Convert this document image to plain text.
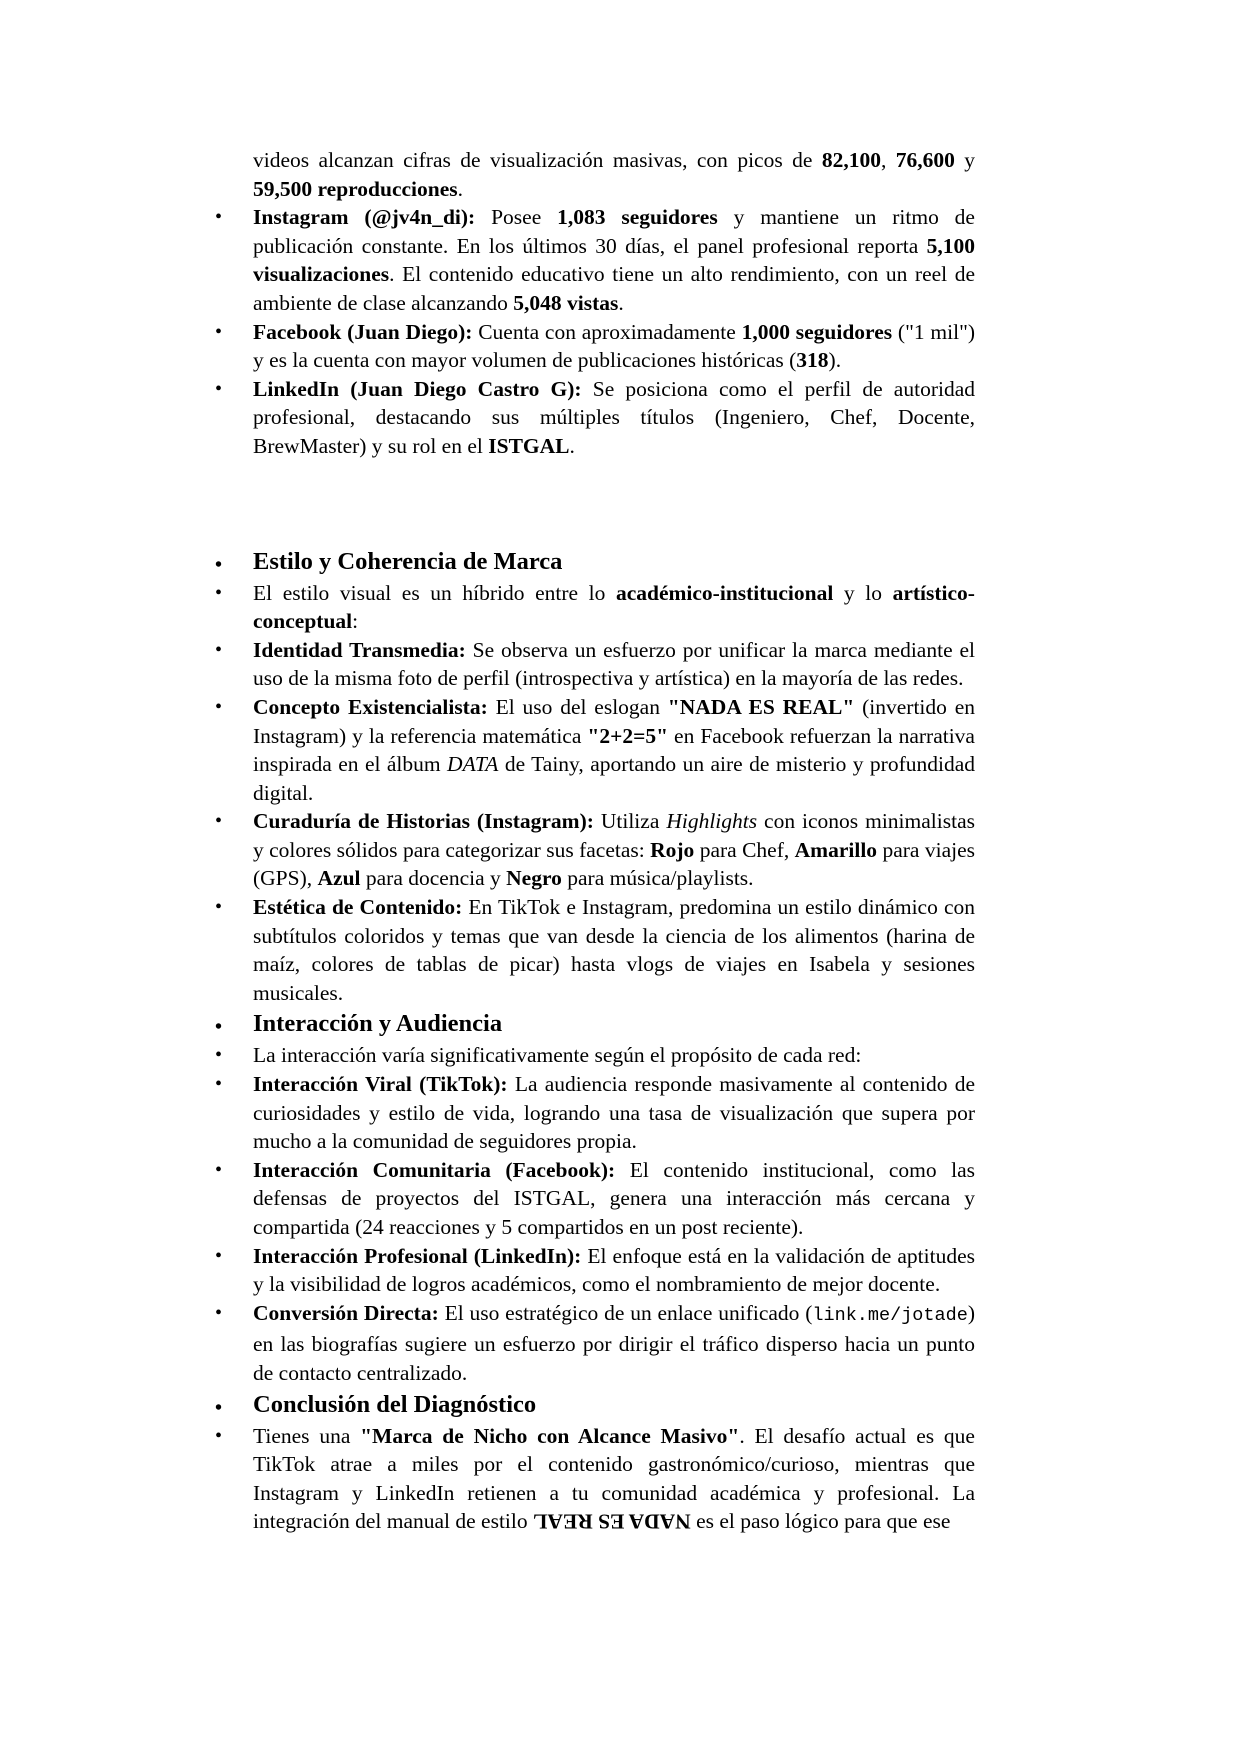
videos alcanzan cifras de visualización masivas, con picos de 82,100, 76,600 y 59,500 reproducciones.
•	Instagram (@jv4n_di): Posee 1,083 seguidores y mantiene un ritmo de publicación constante. En los últimos 30 días, el panel profesional reporta 5,100 visualizaciones. El contenido educativo tiene un alto rendimiento, con un reel de ambiente de clase alcanzando 5,048 vistas.
•	Facebook (Juan Diego): Cuenta con aproximadamente 1,000 seguidores ("1 mil") y es la cuenta con mayor volumen de publicaciones históricas (318).
•	LinkedIn (Juan Diego Castro G): Se posiciona como el perfil de autoridad profesional, destacando sus múltiples títulos (Ingeniero, Chef, Docente, BrewMaster) y su rol en el ISTGAL.
•	Estilo y Coherencia de Marca
•	El estilo visual es un híbrido entre lo académico-institucional y lo artístico-conceptual:
•	Identidad Transmedia: Se observa un esfuerzo por unificar la marca mediante el uso de la misma foto de perfil (introspectiva y artística) en la mayoría de las redes.
•	Concepto Existencialista: El uso del eslogan "NADA ES REAL" (invertido en Instagram) y la referencia matemática "2+2=5" en Facebook refuerzan la narrativa inspirada en el álbum DATA de Tainy, aportando un aire de misterio y profundidad digital.
•	Curaduría de Historias (Instagram): Utiliza Highlights con iconos minimalistas y colores sólidos para categorizar sus facetas: Rojo para Chef, Amarillo para viajes (GPS), Azul para docencia y Negro para música/playlists.
•	Estética de Contenido: En TikTok e Instagram, predomina un estilo dinámico con subtítulos coloridos y temas que van desde la ciencia de los alimentos (harina de maíz, colores de tablas de picar) hasta vlogs de viajes en Isabela y sesiones musicales.
•	Interacción y Audiencia
•	La interacción varía significativamente según el propósito de cada red:
•	Interacción Viral (TikTok): La audiencia responde masivamente al contenido de curiosidades y estilo de vida, logrando una tasa de visualización que supera por mucho a la comunidad de seguidores propia.
•	Interacción Comunitaria (Facebook): El contenido institucional, como las defensas de proyectos del ISTGAL, genera una interacción más cercana y compartida (24 reacciones y 5 compartidos en un post reciente).
•	Interacción Profesional (LinkedIn): El enfoque está en la validación de aptitudes y la visibilidad de logros académicos, como el nombramiento de mejor docente.
•	Conversión Directa: El uso estratégico de un enlace unificado (link.me/jotade) en las biografías sugiere un esfuerzo por dirigir el tráfico disperso hacia un punto de contacto centralizado.
•	Conclusión del Diagnóstico
•	Tienes una "Marca de Nicho con Alcance Masivo". El desafío actual es que TikTok atrae a miles por el contenido gastronómico/curioso, mientras que Instagram y LinkedIn retienen a tu comunidad académica y profesional. La integración del manual de estilo NADA ES REAL es el paso lógico para que ese
